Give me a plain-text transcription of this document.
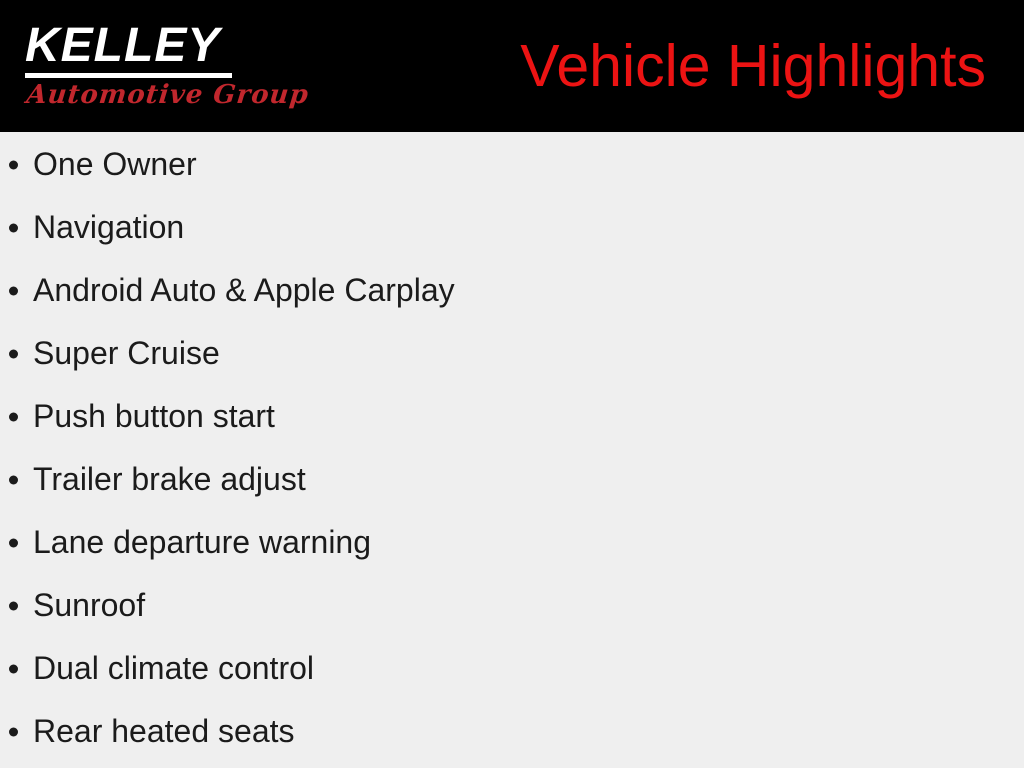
KELLEY
Automotive Group	Vehicle Highlights
One Owner
Navigation
Android Auto & Apple Carplay
Super Cruise
Push button start
Trailer brake adjust
Lane departure warning
Sunroof
Dual climate control
Rear heated seats
